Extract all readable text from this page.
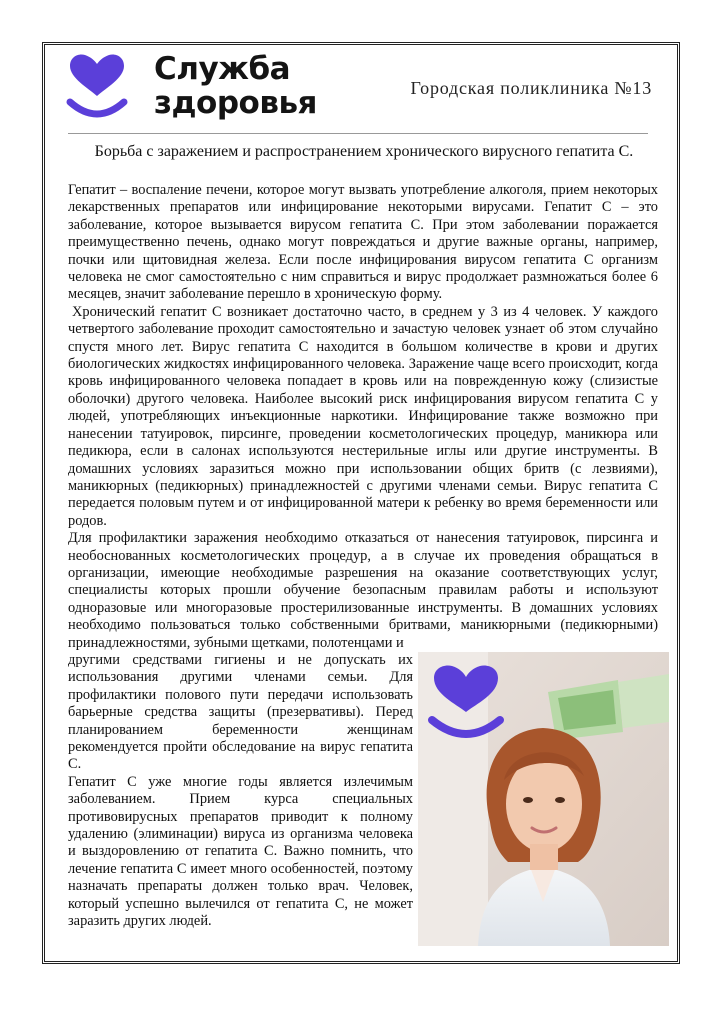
Служба
здоровья	Городская поликлиника №13
Борьба с заражением и распространением хронического вирусного гепатита С.

Гепатит – воспаление печени, которое могут вызвать употребление алкоголя, прием некоторых лекарственных препаратов или инфицирование некоторыми вирусами. Гепатит С – это заболевание, которое вызывается вирусом гепатита С. При этом заболевании поражается преимущественно печень, однако могут повреждаться и другие важные органы, например, почки или щитовидная железа. Если после инфицирования вирусом гепатита С организм человека не смог самостоятельно с ним справиться и вирус продолжает размножаться более 6 месяцев, значит заболевание перешло в хроническую форму.

Хронический гепатит С возникает достаточно часто, в среднем у 3 из 4 человек. У каждого четвертого заболевание проходит самостоятельно и зачастую человек узнает об этом случайно спустя много лет. Вирус гепатита С находится в большом количестве в крови и других биологических жидкостях инфицированного человека. Заражение чаще всего происходит, когда кровь инфицированного человека попадает в кровь или на поврежденную кожу (слизистые оболочки) другого человека. Наиболее высокий риск инфицирования вирусом гепатита С у людей, употребляющих инъекционные наркотики. Инфицирование также возможно при нанесении татуировок, пирсинге, проведении косметологических процедур, маникюра или педикюра, если в салонах используются нестерильные иглы или другие инструменты. В домашних условиях заразиться можно при использовании общих бритв (с лезвиями), маникюрных (педикюрных) принадлежностей с другими членами семьи. Вирус гепатита С передается половым путем и от инфицированной матери к ребенку во время беременности или родов.

Для профилактики заражения необходимо отказаться от нанесения татуировок, пирсинга и необоснованных косметологических процедур, а в случае их проведения обращаться в организации, имеющие необходимые разрешения на оказание соответствующих услуг, специалисты которых прошли обучение безопасным правилам работы и используют одноразовые или многоразовые простерилизованные инструменты. В домашних условиях необходимо пользоваться только собственными бритвами, маникюрными (педикюрными) принадлежностями, зубными щетками, полотенцами и

другими средствами гигиены и не допускать их использования другими членами семьи. Для профилактики полового пути передачи использовать барьерные средства защиты (презервативы). Перед планированием беременности женщинам рекомендуется пройти обследование на вирус гепатита С.

Гепатит С уже многие годы является излечимым заболеванием. Прием курса специальных противовирусных препаратов приводит к полному удалению (элиминации) вируса из организма человека и выздоровлению от гепатита С. Важно помнить, что лечение гепатита С имеет много особенностей, поэтому назначать препараты должен только врач. Человек, который успешно вылечился от гепатита С, не может заразить других людей.
